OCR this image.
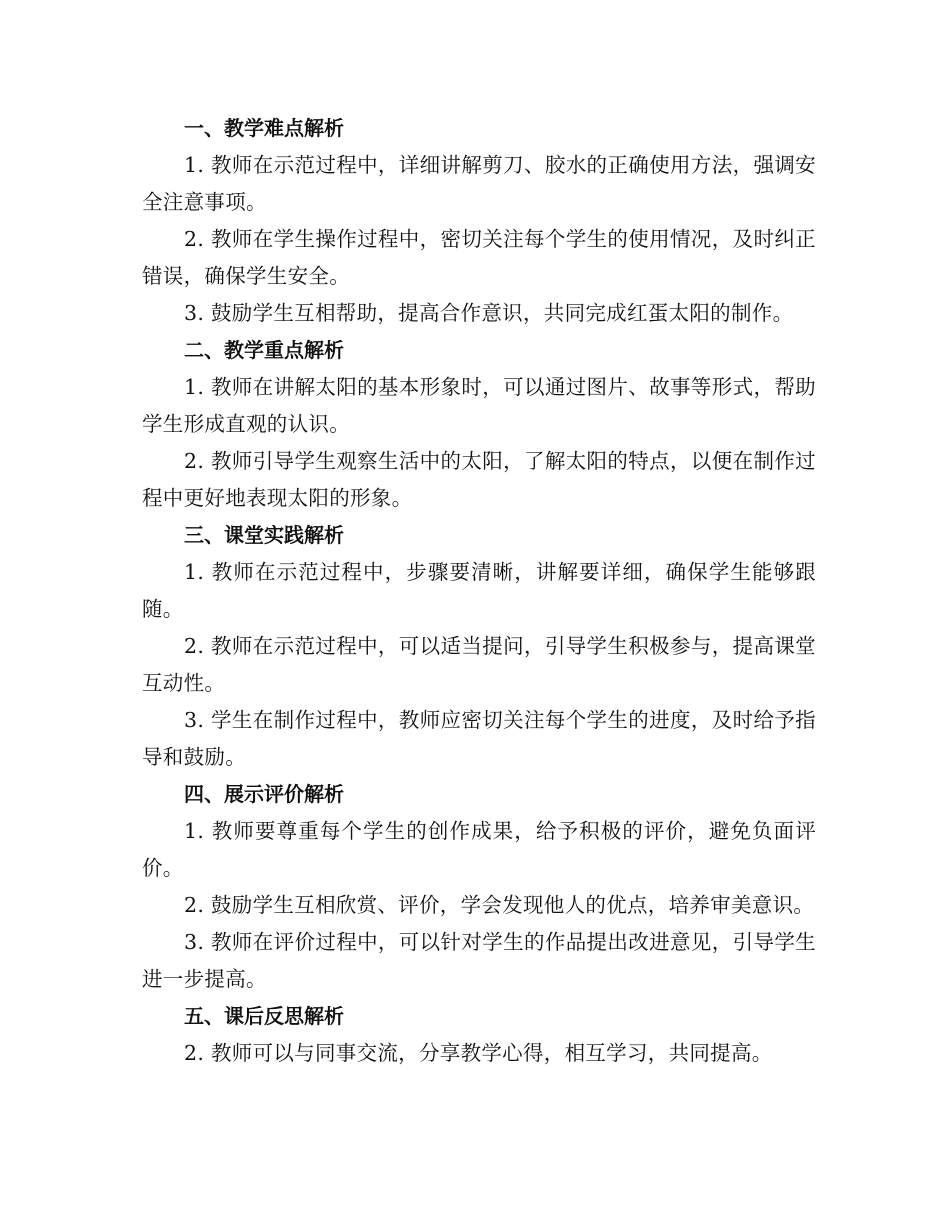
一、教学难点解析

1. 教师在示范过程中，详细讲解剪刀、胶水的正确使用方法，强调安全注意事项。

2. 教师在学生操作过程中，密切关注每个学生的使用情况，及时纠正错误，确保学生安全。

3. 鼓励学生互相帮助，提高合作意识，共同完成红蛋太阳的制作。

二、教学重点解析

1. 教师在讲解太阳的基本形象时，可以通过图片、故事等形式，帮助学生形成直观的认识。

2. 教师引导学生观察生活中的太阳，了解太阳的特点，以便在制作过程中更好地表现太阳的形象。

三、课堂实践解析

1. 教师在示范过程中，步骤要清晰，讲解要详细，确保学生能够跟随。

2. 教师在示范过程中，可以适当提问，引导学生积极参与，提高课堂互动性。

3. 学生在制作过程中，教师应密切关注每个学生的进度，及时给予指导和鼓励。

四、展示评价解析

1. 教师要尊重每个学生的创作成果，给予积极的评价，避免负面评价。

2. 鼓励学生互相欣赏、评价，学会发现他人的优点，培养审美意识。

3. 教师在评价过程中，可以针对学生的作品提出改进意见，引导学生进一步提高。

五、课后反思解析

2. 教师可以与同事交流，分享教学心得，相互学习，共同提高。
